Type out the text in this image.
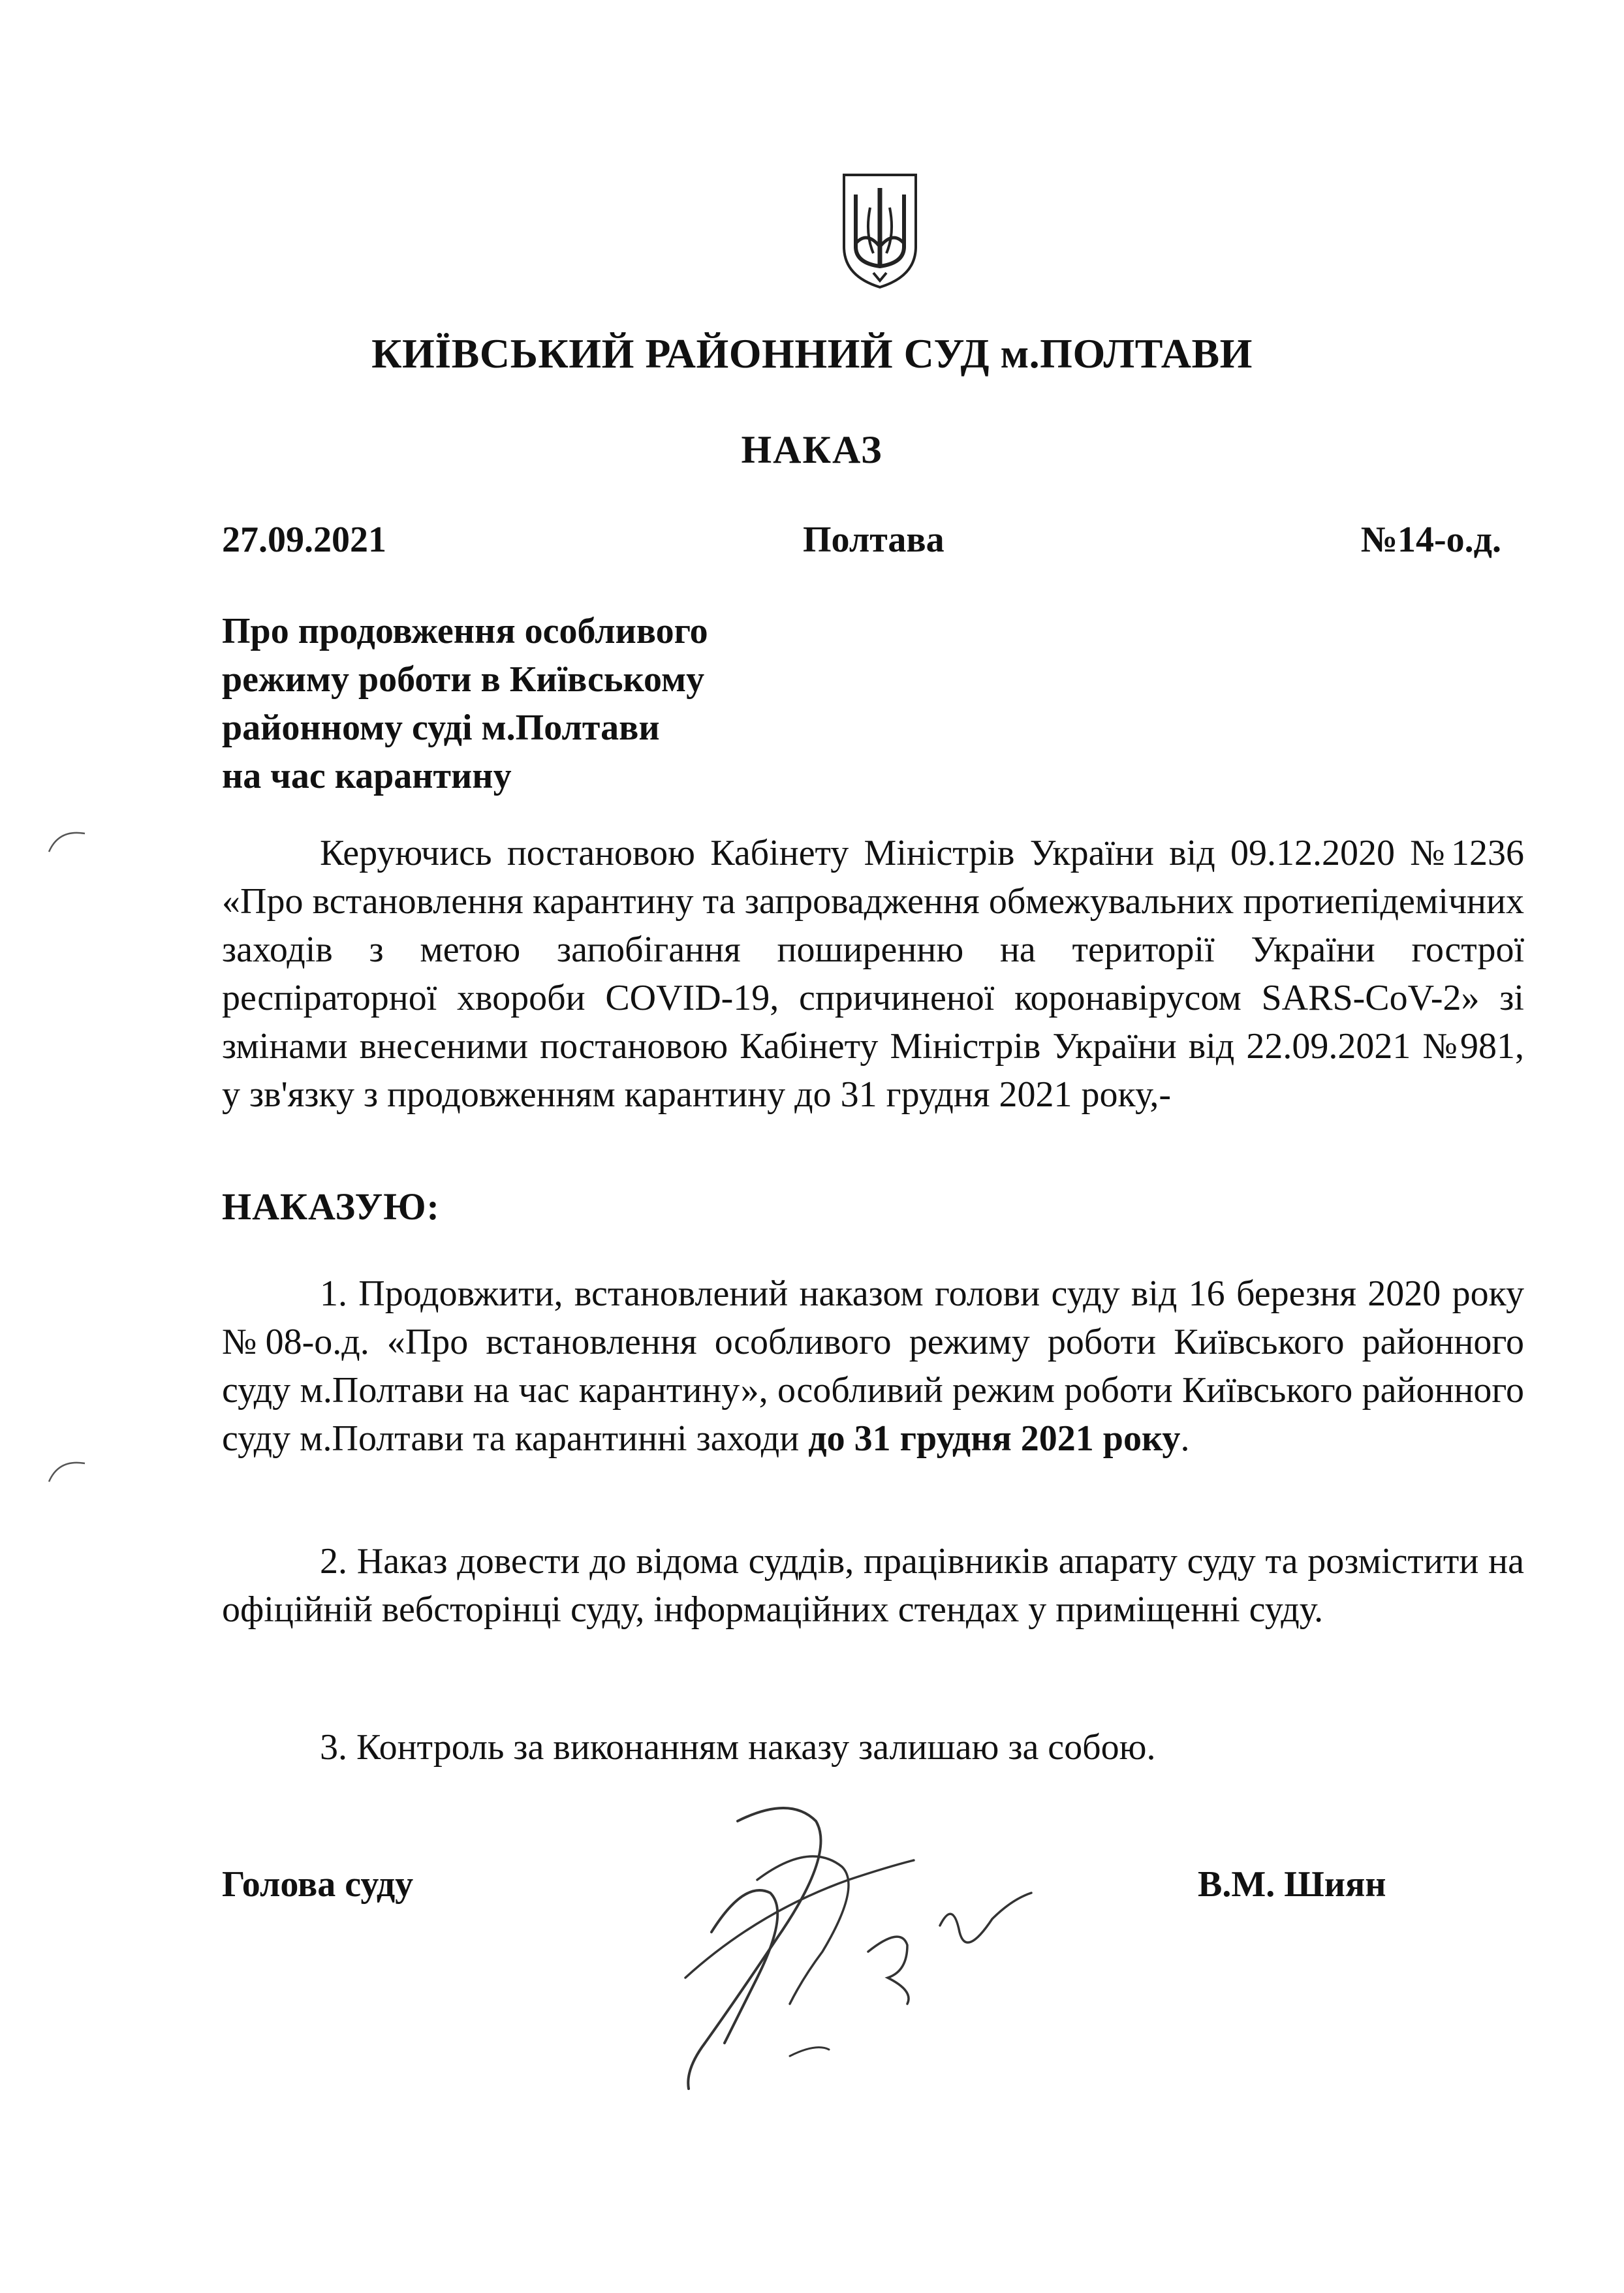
КИЇВСЬКИЙ РАЙОННИЙ СУД м.ПОЛТАВИ
НАКАЗ
27.09.2021	Полтава	№14-о.д.
Про продовження особливого
режиму роботи в Київському
районному суді м.Полтави
на час карантину
Керуючись постановою Кабінету Міністрів України від 09.12.2020 №1236 «Про встановлення карантину та запровадження обмежувальних протиепідемічних заходів з метою запобігання поширенню на території України гострої респіраторної хвороби COVID-19, спричиненої коронавірусом SARS-CoV-2» зі змінами внесеними постановою Кабінету Міністрів України від 22.09.2021 №981, у зв'язку з продовженням карантину до 31 грудня 2021 року,-
НАКАЗУЮ:
1. Продовжити, встановлений наказом голови суду від 16 березня 2020 року №08-о.д. «Про встановлення особливого режиму роботи Київського районного суду м.Полтави на час карантину», особливий режим роботи Київського районного суду м.Полтави та карантинні заходи до 31 грудня 2021 року.
2. Наказ довести до відома суддів, працівників апарату суду та розмістити на офіційній вебсторінці суду, інформаційних стендах у приміщенні суду.
3. Контроль за виконанням наказу залишаю за собою.
Голова суду	В.М. Шиян
